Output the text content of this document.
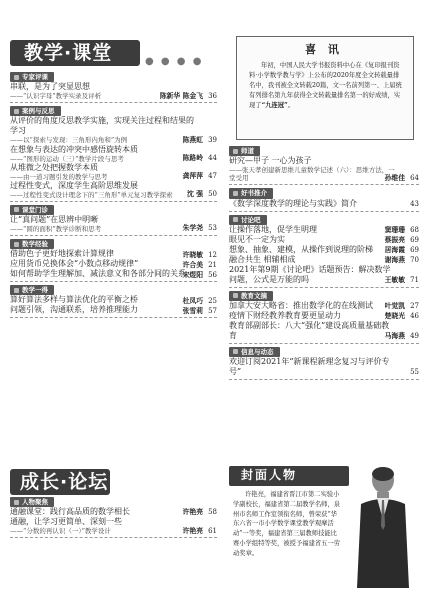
教学·课堂	● ● ● ●
专家评课
串联，是为了突显思想
——“认识字母”教学实录及评析	陈新华 陈金飞 36
案例与反思
从评价的角度反思教学实施，实现关注过程和结果的学习
——以“探索与发现：三角形内角和”为例	陈燕虹 39
在想象与表达的冲突中感悟旋转本质
——“图形的运动（三）”教学片段与思考	陈路岭 44
从堆微之处把握数学本质
——由一道习题引发的教学与思考	龚萍萍 47
过程性变式，深度学生高阶思维发展
——过程性变式设计理念下的“三角形”单元复习教学探索	沈 强 50
课堂门诊
让“真问题”在思辨中明晰
——“圆的面积”教学诊断和思考	朱学尧 53
数学经验
借助色子更好地探索计算规律	许晓敏 12
应用货币兑换体会“小数点移动规律”	许合美 21
如何帮助学生理解加、减法意义和各部分间的关系
宋煜阳 56
教学一得
算好算法多样与算法优化的平衡之桥	杜凤巧 25
问题引领，沟通联系，培养推理能力	张雪莉 57
成长·论坛
人物聚焦
通融课堂：践行高品质的数学相长	许艳亮 58
通融，让学习更简单、深刻一些
——“分数的再认识（一）”教学设计	许艳亮 61
喜 讯
年初，中国人民大学书报资料中心在《复印报刊资料·小学数学教与学》上公布的2020年度全文转载量排名中，我刊被全文转载20篇，文一名前列第一、上届统有列排名第九年获得全文转载量排名第一的好成绩，实现了“九连冠”。
师道
研究—甲子 一心为孩子
——张天孝创建新思维儿童数学记述（六）：思维方法，一堂受用	孙维佳 64
好书推介
《数学深度教学的理论与实践》简介	43
讨论吧
让操作落地，促学生明理	窦珊珊 68
眼见不一定为实	蔡振亮 69
想象、抽象、建模，从操作到说理的阶梯	居海霞 69
融合共生 相辅相成	谢海燕 70
2021年第9期《讨论吧》话题预告：解决数学问题，公式是万能的吗	王敏敏 71
教育文摘
加拿大安大略省：推出数学化的在线测试	叶觉凯 27
疫情下财经教养教育要更显动力	楚晓光 46
教育部副部长：八大“强化”建设高质量基础教育	马海燕 49
信息与动态
欢迎订阅2021年“新课程新理念复习与评价专号”	55
封面人物
许艳亮，福建省晋江市第二实验小学副校长，福建省第二届教学名师，泉州市名师工作室领衔名师，曾荣获“华东六省一市小学数学课堂教学观摩活动”一等奖，福建省第三届教师技能比赛小学组特等奖，被授予福建省五一劳动奖章。
